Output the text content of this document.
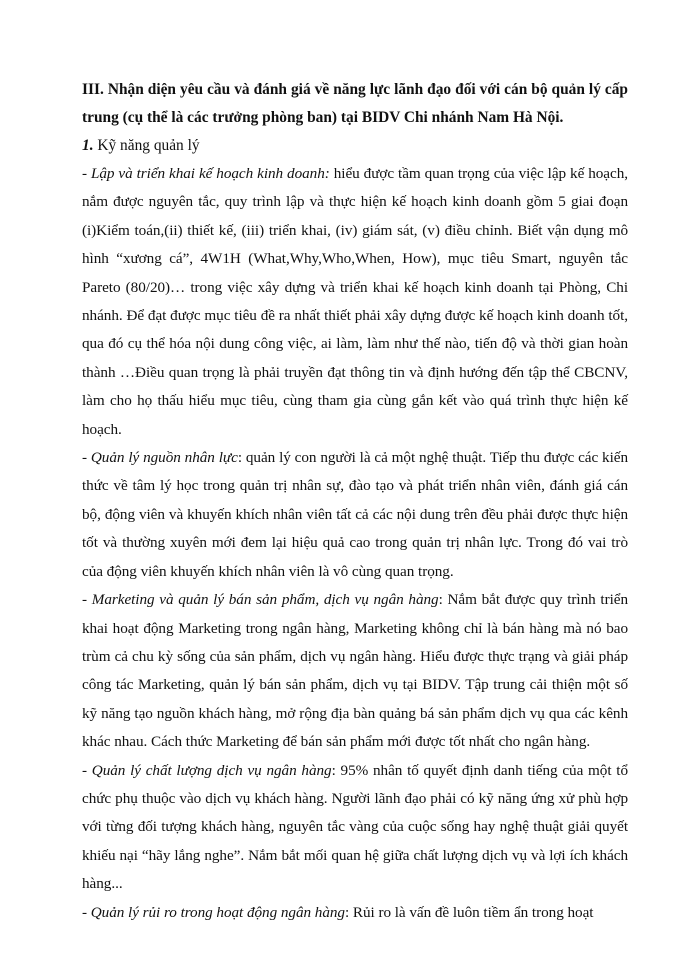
III. Nhận diện yêu cầu và đánh giá về năng lực lãnh đạo đối với cán bộ quản lý cấp trung (cụ thể là các trưởng phòng ban) tại BIDV Chi nhánh Nam Hà Nội.

1. Kỹ năng quản lý

- Lập và triển khai kế hoạch kinh doanh: hiểu được tầm quan trọng của việc lập kế hoạch, nắm được nguyên tắc, quy trình lập và thực hiện kế hoạch kinh doanh gồm 5 giai đoạn (i)Kiểm toán,(ii) thiết kế, (iii) triển khai, (iv) giám sát, (v) điều chỉnh. Biết vận dụng mô hình “xương cá”, 4W1H (What,Why,Who,When, How), mục tiêu Smart, nguyên tắc Pareto (80/20)… trong việc xây dựng và triển khai kế hoạch kinh doanh tại Phòng, Chi nhánh. Để đạt được mục tiêu đề ra nhất thiết phải xây dựng được kế hoạch kinh doanh tốt, qua đó cụ thể hóa nội dung công việc, ai làm, làm như thế nào, tiến độ và thời gian hoàn thành …Điều quan trọng là phải truyền đạt thông tin và định hướng đến tập thể CBCNV, làm cho họ thấu hiểu mục tiêu, cùng tham gia cùng gắn kết vào quá trình thực hiện kế hoạch.

- Quản lý nguồn nhân lực: quản lý con người là cả một nghệ thuật. Tiếp thu được các kiến thức về tâm lý học trong quản trị nhân sự, đào tạo và phát triển nhân viên, đánh giá cán bộ, động viên và khuyến khích nhân viên tất cả các nội dung trên đều phải được thực hiện tốt và thường xuyên mới đem lại hiệu quả cao trong quản trị nhân lực. Trong đó vai trò của động viên khuyến khích nhân viên là vô cùng quan trọng.

- Marketing và quản lý bán sản phẩm, dịch vụ ngân hàng: Nắm bắt được quy trình triển khai hoạt động Marketing trong ngân hàng, Marketing không chỉ là bán hàng mà nó bao trùm cả chu kỳ sống của sản phẩm, dịch vụ ngân hàng. Hiểu được thực trạng và giải pháp công tác Marketing, quản lý bán sản phẩm, dịch vụ tại BIDV. Tập trung cải thiện một số kỹ năng tạo nguồn khách hàng, mở rộng địa bàn quảng bá sản phẩm dịch vụ qua các kênh khác nhau. Cách thức Marketing để bán sản phẩm mới được tốt nhất cho ngân hàng.

- Quản lý chất lượng dịch vụ ngân hàng: 95% nhân tố quyết định danh tiếng của một tổ chức phụ thuộc vào dịch vụ khách hàng. Người lãnh đạo phải có kỹ năng ứng xử phù hợp với từng đối tượng khách hàng, nguyên tắc vàng của cuộc sống hay nghệ thuật giải quyết khiếu nại “hãy lắng nghe”. Nắm bắt mối quan hệ giữa chất lượng dịch vụ và lợi ích khách hàng...

- Quản lý rủi ro trong hoạt động ngân hàng: Rủi ro là vấn đề luôn tiềm ẩn trong hoạt
